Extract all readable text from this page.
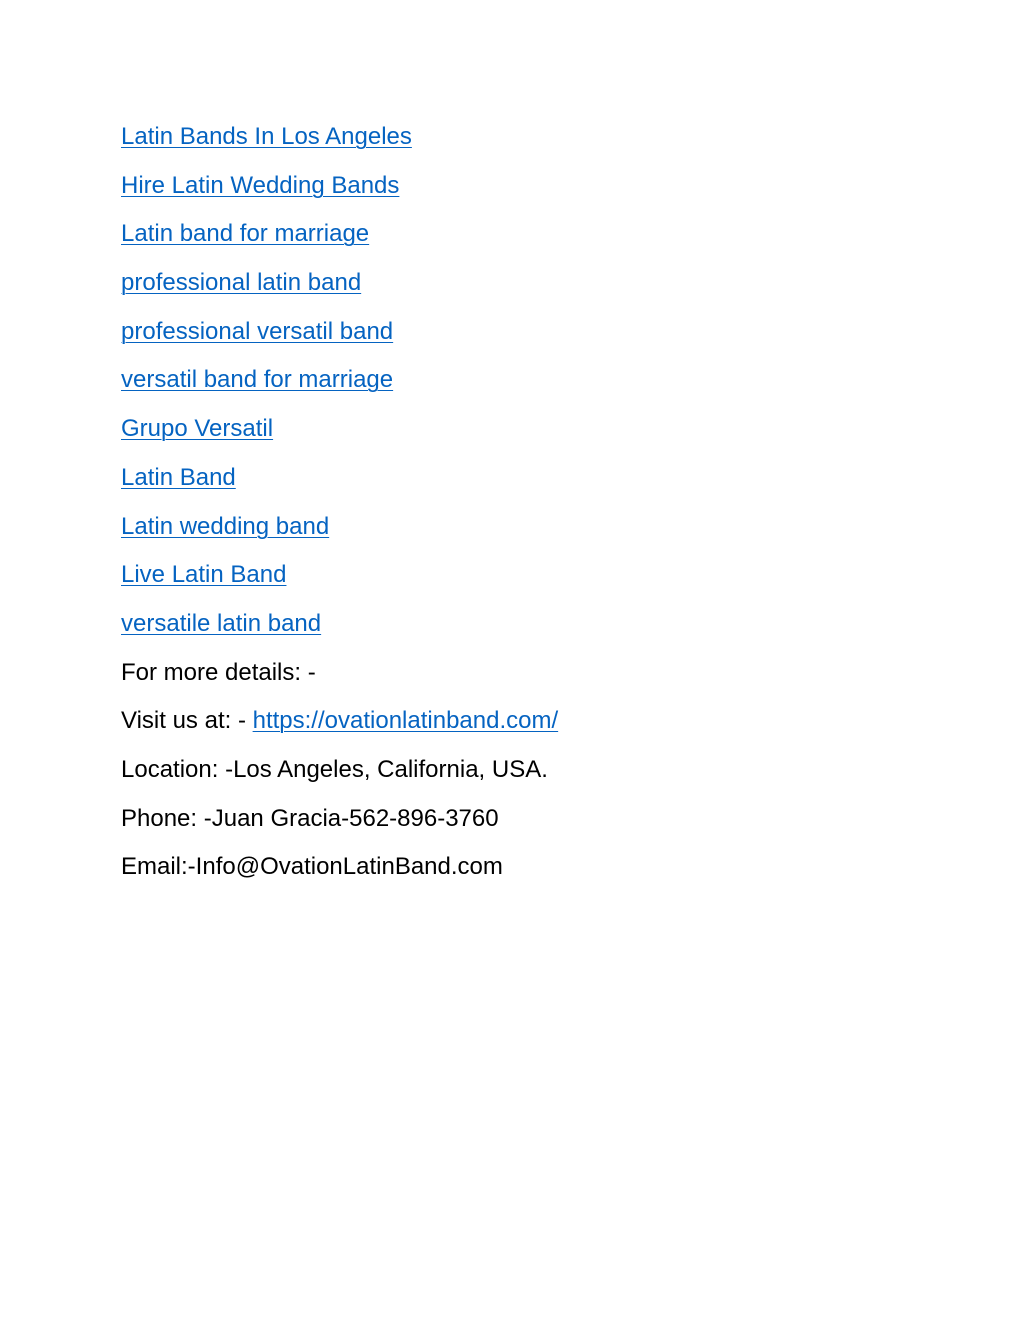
Latin Bands In Los Angeles
Hire Latin Wedding Bands
Latin band for marriage
professional latin band
professional versatil band
versatil band for marriage
Grupo Versatil
Latin Band
Latin wedding band
Live Latin Band
versatile latin band
For more details: -
Visit us at: - https://ovationlatinband.com/
Location: -Los Angeles, California, USA.
Phone: -Juan Gracia-562-896-3760
Email:-Info@OvationLatinBand.com
